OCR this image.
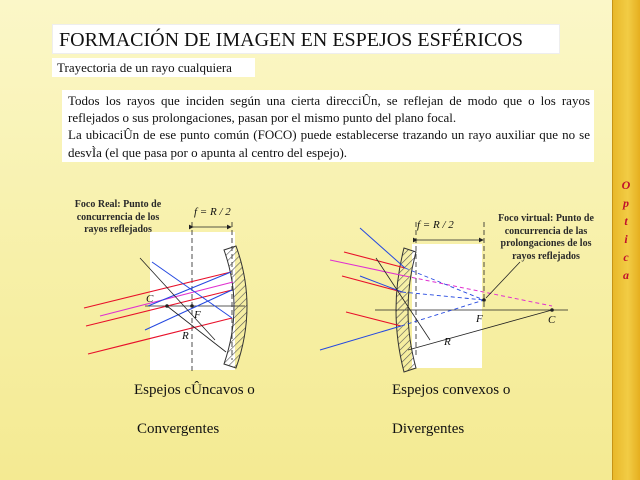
O
p
t
i
c
a
FORMACIÓN DE IMAGEN EN ESPEJOS ESFÉRICOS
Trayectoria de un rayo cualquiera

Todos los rayos que inciden según una cierta direcciÛn, se reflejan de modo que o los rayos reflejados o sus prolongaciones, pasan por el mismo punto del plano focal.

La ubicaciÛn de ese punto común (FOCO) puede establecerse trazando un rayo auxiliar que no se desvÌa (el que pasa por o apunta al centro del espejo).

Foco Real: Punto de concurrencia de los rayos reflejados
f = R / 2
C
F
R
Foco virtual: Punto de concurrencia de las prolongaciones de los rayos reflejados
f = R / 2
F	C
R
Espejos cÛncavos o
Convergentes
Espejos convexos o
Divergentes
